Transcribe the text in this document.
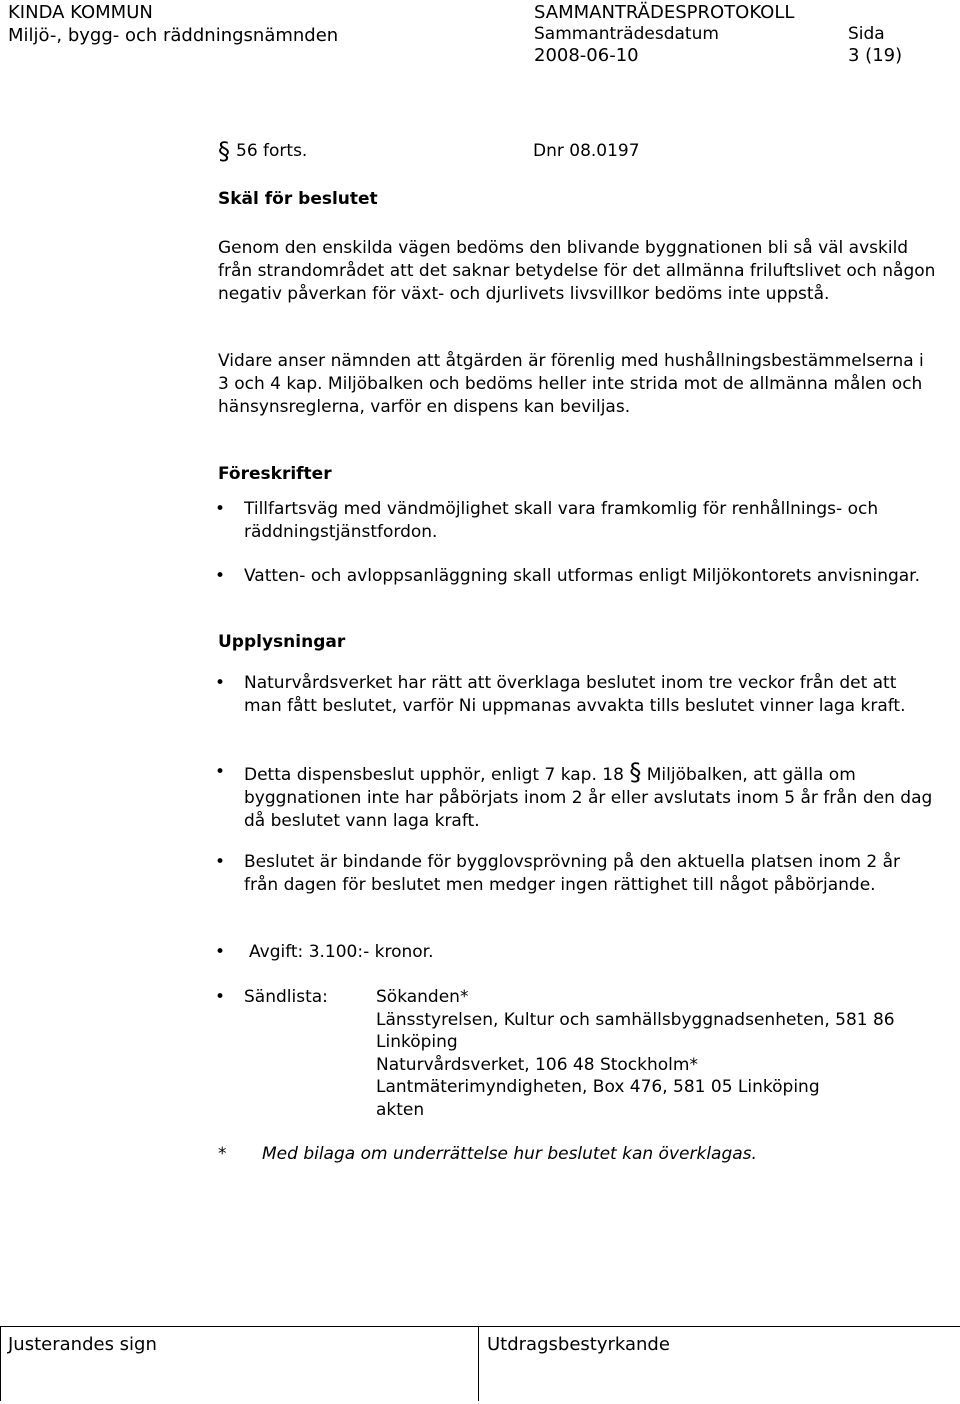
KINDA KOMMUN	SAMMANTRÄDESPROTOKOLL
Miljö-, bygg- och räddningsnämnden	Sammanträdesdatum
2008-06-10
Sida
3 (19)
§ 56 forts.	Dnr 08.0197
Skäl för beslutet
Genom den enskilda vägen bedöms den blivande byggnationen bli så väl avskild från strandområdet att det saknar betydelse för det allmänna friluftslivet och någon negativ påverkan för växt- och djurlivets livsvillkor bedöms inte uppstå.
Vidare anser nämnden att åtgärden är förenlig med hushållningsbestämmelserna i 3 och 4 kap. Miljöbalken och bedöms heller inte strida mot de allmänna målen och hänsynsreglerna, varför en dispens kan beviljas.
Föreskrifter
• Tillfartsväg med vändmöjlighet skall vara framkomlig för renhållnings- och räddningstjänstfordon.
• Vatten- och avloppsanläggning skall utformas enligt Miljökontorets anvisningar.
Upplysningar
• Naturvårdsverket har rätt att överklaga beslutet inom tre veckor från det att man fått beslutet, varför Ni uppmanas avvakta tills beslutet vinner laga kraft.
• Detta dispensbeslut upphör, enligt 7 kap. 18 § Miljöbalken, att gälla om byggnationen inte har påbörjats inom 2 år eller avslutats inom 5 år från den dag då beslutet vann laga kraft.
• Beslutet är bindande för bygglovsprövning på den aktuella platsen inom 2 år från dagen för beslutet men medger ingen rättighet till något påbörjande.
• Avgift: 3.100:- kronor.
• Sändlista:	Sökanden*
Länsstyrelsen, Kultur och samhällsbyggnadsenheten, 581 86
Linköping
Naturvårdsverket, 106 48 Stockholm*
Lantmäterimyndigheten, Box 476, 581 05 Linköping
akten
* Med bilaga om underrättelse hur beslutet kan överklagas.
Justerandes sign	Utdragsbestyrkande
